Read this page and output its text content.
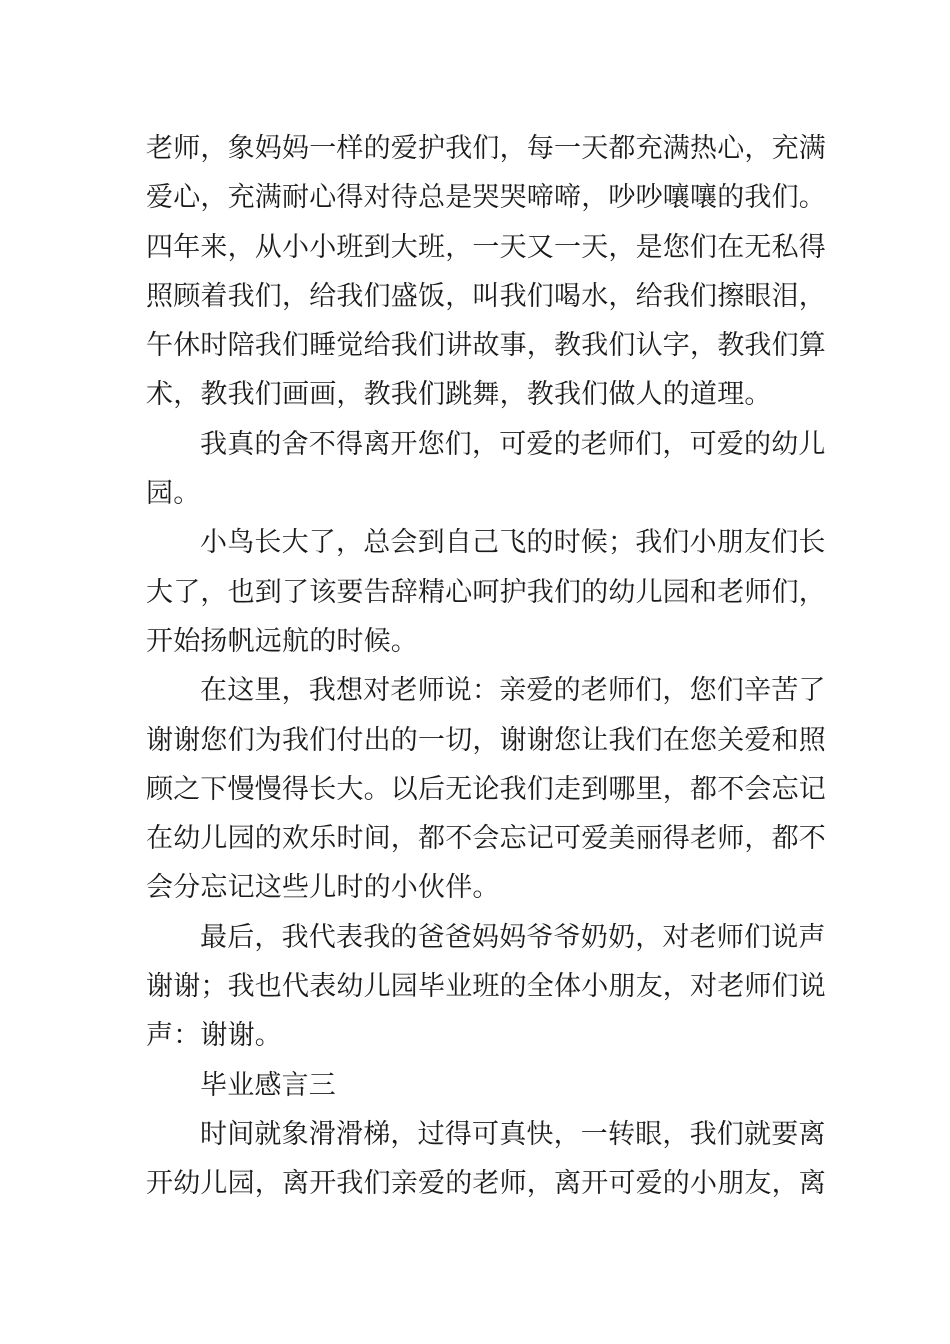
老师，象妈妈一样的爱护我们，每一天都充满热心，充满
爱心，充满耐心得对待总是哭哭啼啼，吵吵嚷嚷的我们。
四年来，从小小班到大班，一天又一天，是您们在无私得
照顾着我们，给我们盛饭，叫我们喝水，给我们擦眼泪，
午休时陪我们睡觉给我们讲故事，教我们认字，教我们算
术，教我们画画，教我们跳舞，教我们做人的道理。
我真的舍不得离开您们，可爱的老师们，可爱的幼儿
园。
小鸟长大了，总会到自己飞的时候；我们小朋友们长
大了，也到了该要告辞精心呵护我们的幼儿园和老师们，
开始扬帆远航的时候。
在这里，我想对老师说：亲爱的老师们，您们辛苦了
谢谢您们为我们付出的一切，谢谢您让我们在您关爱和照
顾之下慢慢得长大。以后无论我们走到哪里，都不会忘记
在幼儿园的欢乐时间，都不会忘记可爱美丽得老师，都不
会分忘记这些儿时的小伙伴。
最后，我代表我的爸爸妈妈爷爷奶奶，对老师们说声
谢谢；我也代表幼儿园毕业班的全体小朋友，对老师们说
声：谢谢。
毕业感言三
时间就象滑滑梯，过得可真快，一转眼，我们就要离
开幼儿园，离开我们亲爱的老师，离开可爱的小朋友，离
